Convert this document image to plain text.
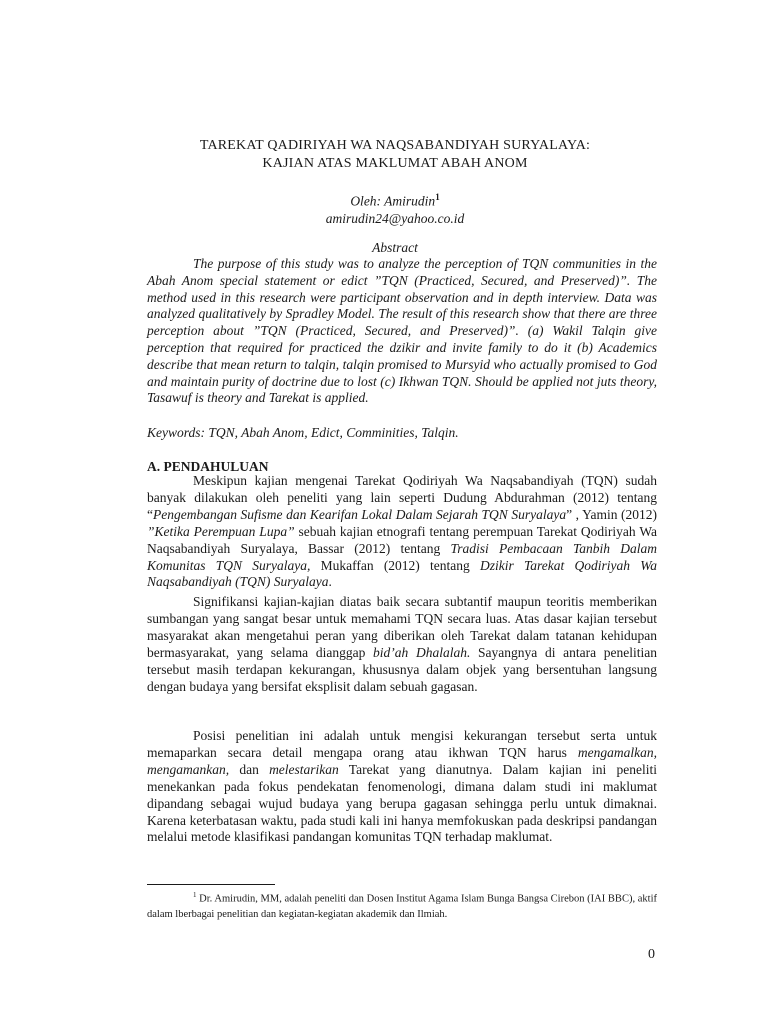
TAREKAT QADIRIYAH WA NAQSABANDIYAH SURYALAYA:
KAJIAN ATAS MAKLUMAT ABAH ANOM
Oleh: Amirudin$^1$
amirudin24@yahoo.co.id
Abstract

The purpose of this study was to analyze the perception of TQN communities in the Abah Anom special statement or edict ”TQN (Practiced, Secured, and Preserved)”. The method used in this research were participant observation and in depth interview. Data was analyzed qualitatively by Spradley Model. The result of this research show that there are three perception about ”TQN (Practiced, Secured, and Preserved)”. (a) Wakil Talqin give perception that required for practiced the dzikir and invite family to do it (b) Academics describe that mean return to talqin, talqin promised to Mursyid who actually promised to God and maintain purity of doctrine due to lost (c) Ikhwan TQN. Should be applied not juts theory, Tasawuf is theory and Tarekat is applied.

Keywords: TQN, Abah Anom, Edict, Comminities, Talqin.

A. PENDAHULUAN

Meskipun kajian mengenai Tarekat Qodiriyah Wa Naqsabandiyah (TQN) sudah banyak dilakukan oleh peneliti yang lain seperti Dudung Abdurahman (2012) tentang “Pengembangan Sufisme dan Kearifan Lokal Dalam Sejarah TQN Suryalaya” , Yamin (2012) ”Ketika Perempuan Lupa” sebuah kajian etnografi tentang perempuan Tarekat Qodiriyah Wa Naqsabandiyah Suryalaya, Bassar (2012) tentang Tradisi Pembacaan Tanbih Dalam Komunitas TQN Suryalaya, Mukaffan (2012) tentang Dzikir Tarekat Qodiriyah Wa Naqsabandiyah (TQN) Suryalaya.

Signifikansi kajian-kajian diatas baik secara subtantif maupun teoritis memberikan sumbangan yang sangat besar untuk memahami TQN secara luas. Atas dasar kajian tersebut masyarakat akan mengetahui peran yang diberikan oleh Tarekat dalam tatanan kehidupan bermasyarakat, yang selama dianggap bid’ah Dhalalah. Sayangnya di antara penelitian tersebut masih terdapan kekurangan, khususnya dalam objek yang bersentuhan langsung dengan budaya yang bersifat eksplisit dalam sebuah gagasan.

Posisi penelitian ini adalah untuk mengisi kekurangan tersebut serta untuk memaparkan secara detail mengapa orang atau ikhwan TQN harus mengamalkan, mengamankan, dan melestarikan Tarekat yang dianutnya. Dalam kajian ini peneliti menekankan pada fokus pendekatan fenomenologi, dimana dalam studi ini maklumat dipandang sebagai wujud budaya yang berupa gagasan sehingga perlu untuk dimaknai. Karena keterbatasan waktu, pada studi kali ini hanya memfokuskan pada deskripsi pandangan melalui metode klasifikasi pandangan komunitas TQN terhadap maklumat.

$^1$ Dr. Amirudin, MM, adalah peneliti dan Dosen Institut Agama Islam Bunga Bangsa Cirebon (IAI BBC), aktif dalam lberbagai penelitian dan kegiatan-kegiatan akademik dan Ilmiah.

0
